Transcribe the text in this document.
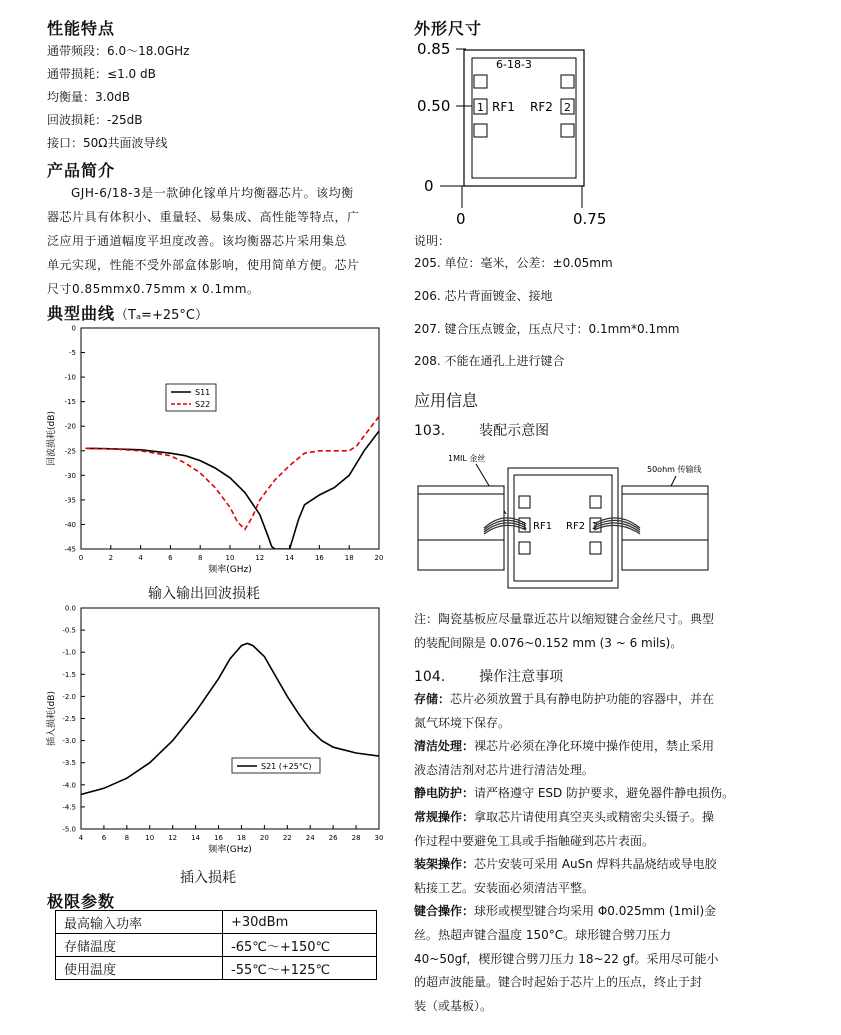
性能特点
通带频段：6.0～18.0GHz
通带损耗：≤1.0 dB
均衡量：3.0dB
回波损耗：-25dB
接口：50Ω共面波导线
产品简介
GJH-6/18-3是一款砷化镓单片均衡器芯片。该均衡
器芯片具有体积小、重量轻、易集成、高性能等特点，广
泛应用于通道幅度平坦度改善。该均衡器芯片采用集总
单元实现，性能不受外部盒体影响，使用简单方便。芯片
尺寸0.85mmx0.75mm x 0.1mm。
典型曲线（Tₐ=+25°C）
0	2	4	6	8	10	12	14	16	18	20
0
-5
-10
-15
-20
-25
-30
-35
-40
-45
频率(GHz)
回波损耗(dB)
S11
S22
输入输出回波损耗
4	6	8 10 12 14 16 18 20 22 24 26 28 30
0.0
-0.5
-1.0
-1.5
-2.0
-2.5
-3.0
-3.5
-4.0
-4.5
-5.0
频率(GHz)
插入损耗(dB)
S21 (+25°C)
插入损耗
极限参数
最高输入功率	+30dBm
存储温度	-65℃～+150℃
使用温度	-55℃～+125℃
外形尺寸
0.85
0.50
0
0	0.75
6-18-3
1 RF1	2
RF2
说明：
205. 单位：毫米，公差：±0.05mm
206. 芯片背面镀金、接地
207. 键合压点镀金，压点尺寸：0.1mm*0.1mm
208. 不能在通孔上进行键合
应用信息
103. 装配示意图
1MIL 金丝
50ohm 传输线
1 RF1	2
RF2
注：陶瓷基板应尽量靠近芯片以缩短键合金丝尺寸。典型
的装配间隙是 0.076~0.152 mm (3 ~ 6 mils)。
104. 操作注意事项
存储：芯片必须放置于具有静电防护功能的容器中，并在
氮气环境下保存。
清洁处理：裸芯片必须在净化环境中操作使用，禁止采用
液态清洁剂对芯片进行清洁处理。
静电防护：请严格遵守 ESD 防护要求，避免器件静电损伤。
常规操作：拿取芯片请使用真空夹头或精密尖头镊子。操
作过程中要避免工具或手指触碰到芯片表面。
装架操作：芯片安装可采用 AuSn 焊料共晶烧结或导电胶
粘接工艺。安装面必须清洁平整。
键合操作：球形或楔型键合均采用 Φ0.025mm (1mil)金
丝。热超声键合温度 150°C。球形键合劈刀压力
40~50gf，楔形键合劈刀压力 18~22 gf。采用尽可能小
的超声波能量。键合时起始于芯片上的压点，终止于封
装（或基板）。
